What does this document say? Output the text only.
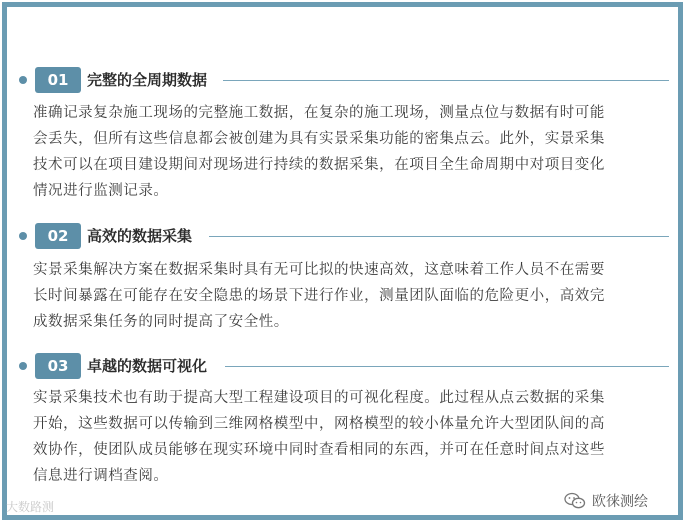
01	完整的全周期数据
准确记录复杂施工现场的完整施工数据，在复杂的施工现场，测量点位与数据有时可能
会丢失，但所有这些信息都会被创建为具有实景采集功能的密集点云。此外，实景采集
技术可以在项目建设期间对现场进行持续的数据采集，在项目全生命周期中对项目变化
情况进行监测记录。
02	高效的数据采集
实景采集解决方案在数据采集时具有无可比拟的快速高效，这意味着工作人员不在需要
长时间暴露在可能存在安全隐患的场景下进行作业，测量团队面临的危险更小，高效完
成数据采集任务的同时提高了安全性。
03	卓越的数据可视化
实景采集技术也有助于提高大型工程建设项目的可视化程度。此过程从点云数据的采集
开始，这些数据可以传输到三维网格模型中，网格模型的较小体量允许大型团队间的高
效协作，使团队成员能够在现实环境中同时查看相同的东西，并可在任意时间点对这些
信息进行调档查阅。
欧徕测绘
大数路测
